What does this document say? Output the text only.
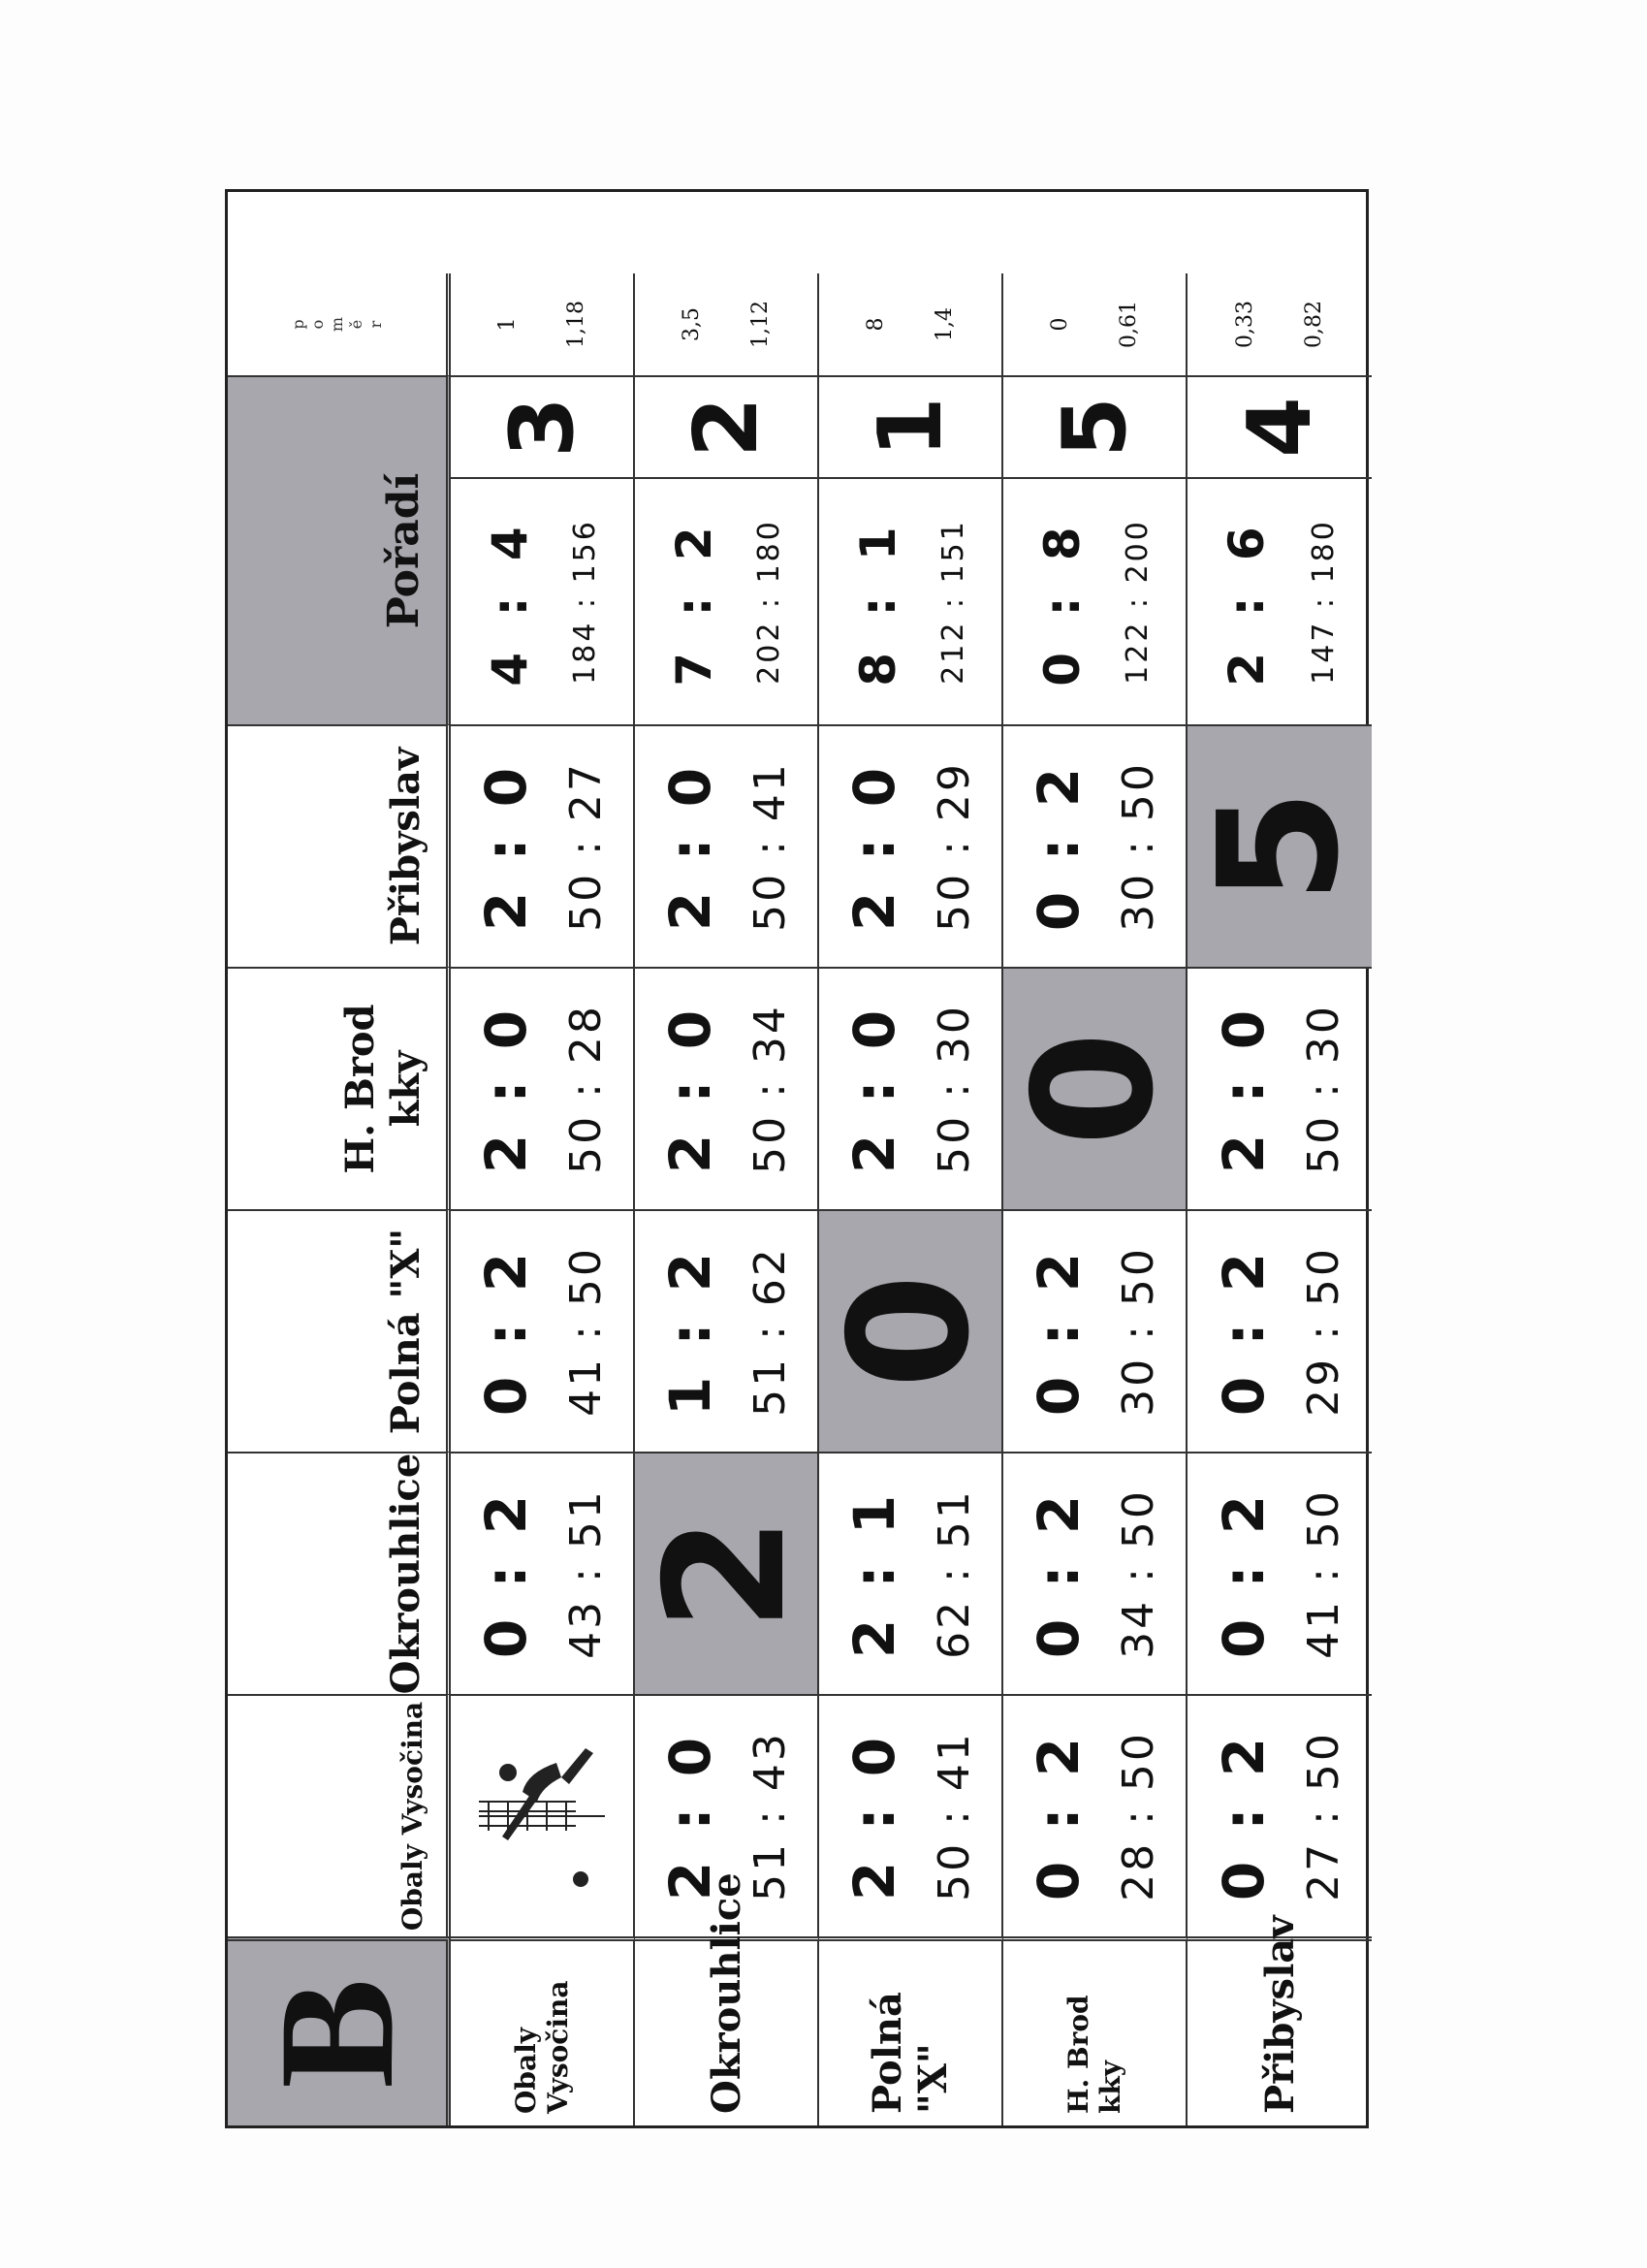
B
Obaly Vysočina
Okrouhlice
Polná "X"
H. Brod kky
Přibyslav
Pořadí
p o m ě r
Obaly Vysočina
0 : 2 43 : 51
0 : 2 41 : 50
2 : 0 50 : 28
2 : 0 50 : 27
4 : 4 184 : 156
3
1 1,18
Okrouhlice
2 : 0 51 : 43
2
1 : 2 51 : 62
2 : 0 50 : 34
2 : 0 50 : 41
7 : 2 202 : 180
2
3,5 1,12
Polná "X"
2 : 0 50 : 41
2 : 1 62 : 51
0
2 : 0 50 : 30
2 : 0 50 : 29
8 : 1 212 : 151
1
8 1,4
H. Brod kky
0 : 2 28 : 50
0 : 2 34 : 50
0 : 2 30 : 50
0
0 : 2 30 : 50
0 : 8 122 : 200
5
0 0,61
Přibyslav
0 : 2 27 : 50
0 : 2 41 : 50
0 : 2 29 : 50
2 : 0 50 : 30
5
2 : 6 147 : 180
4
0,33 0,82
